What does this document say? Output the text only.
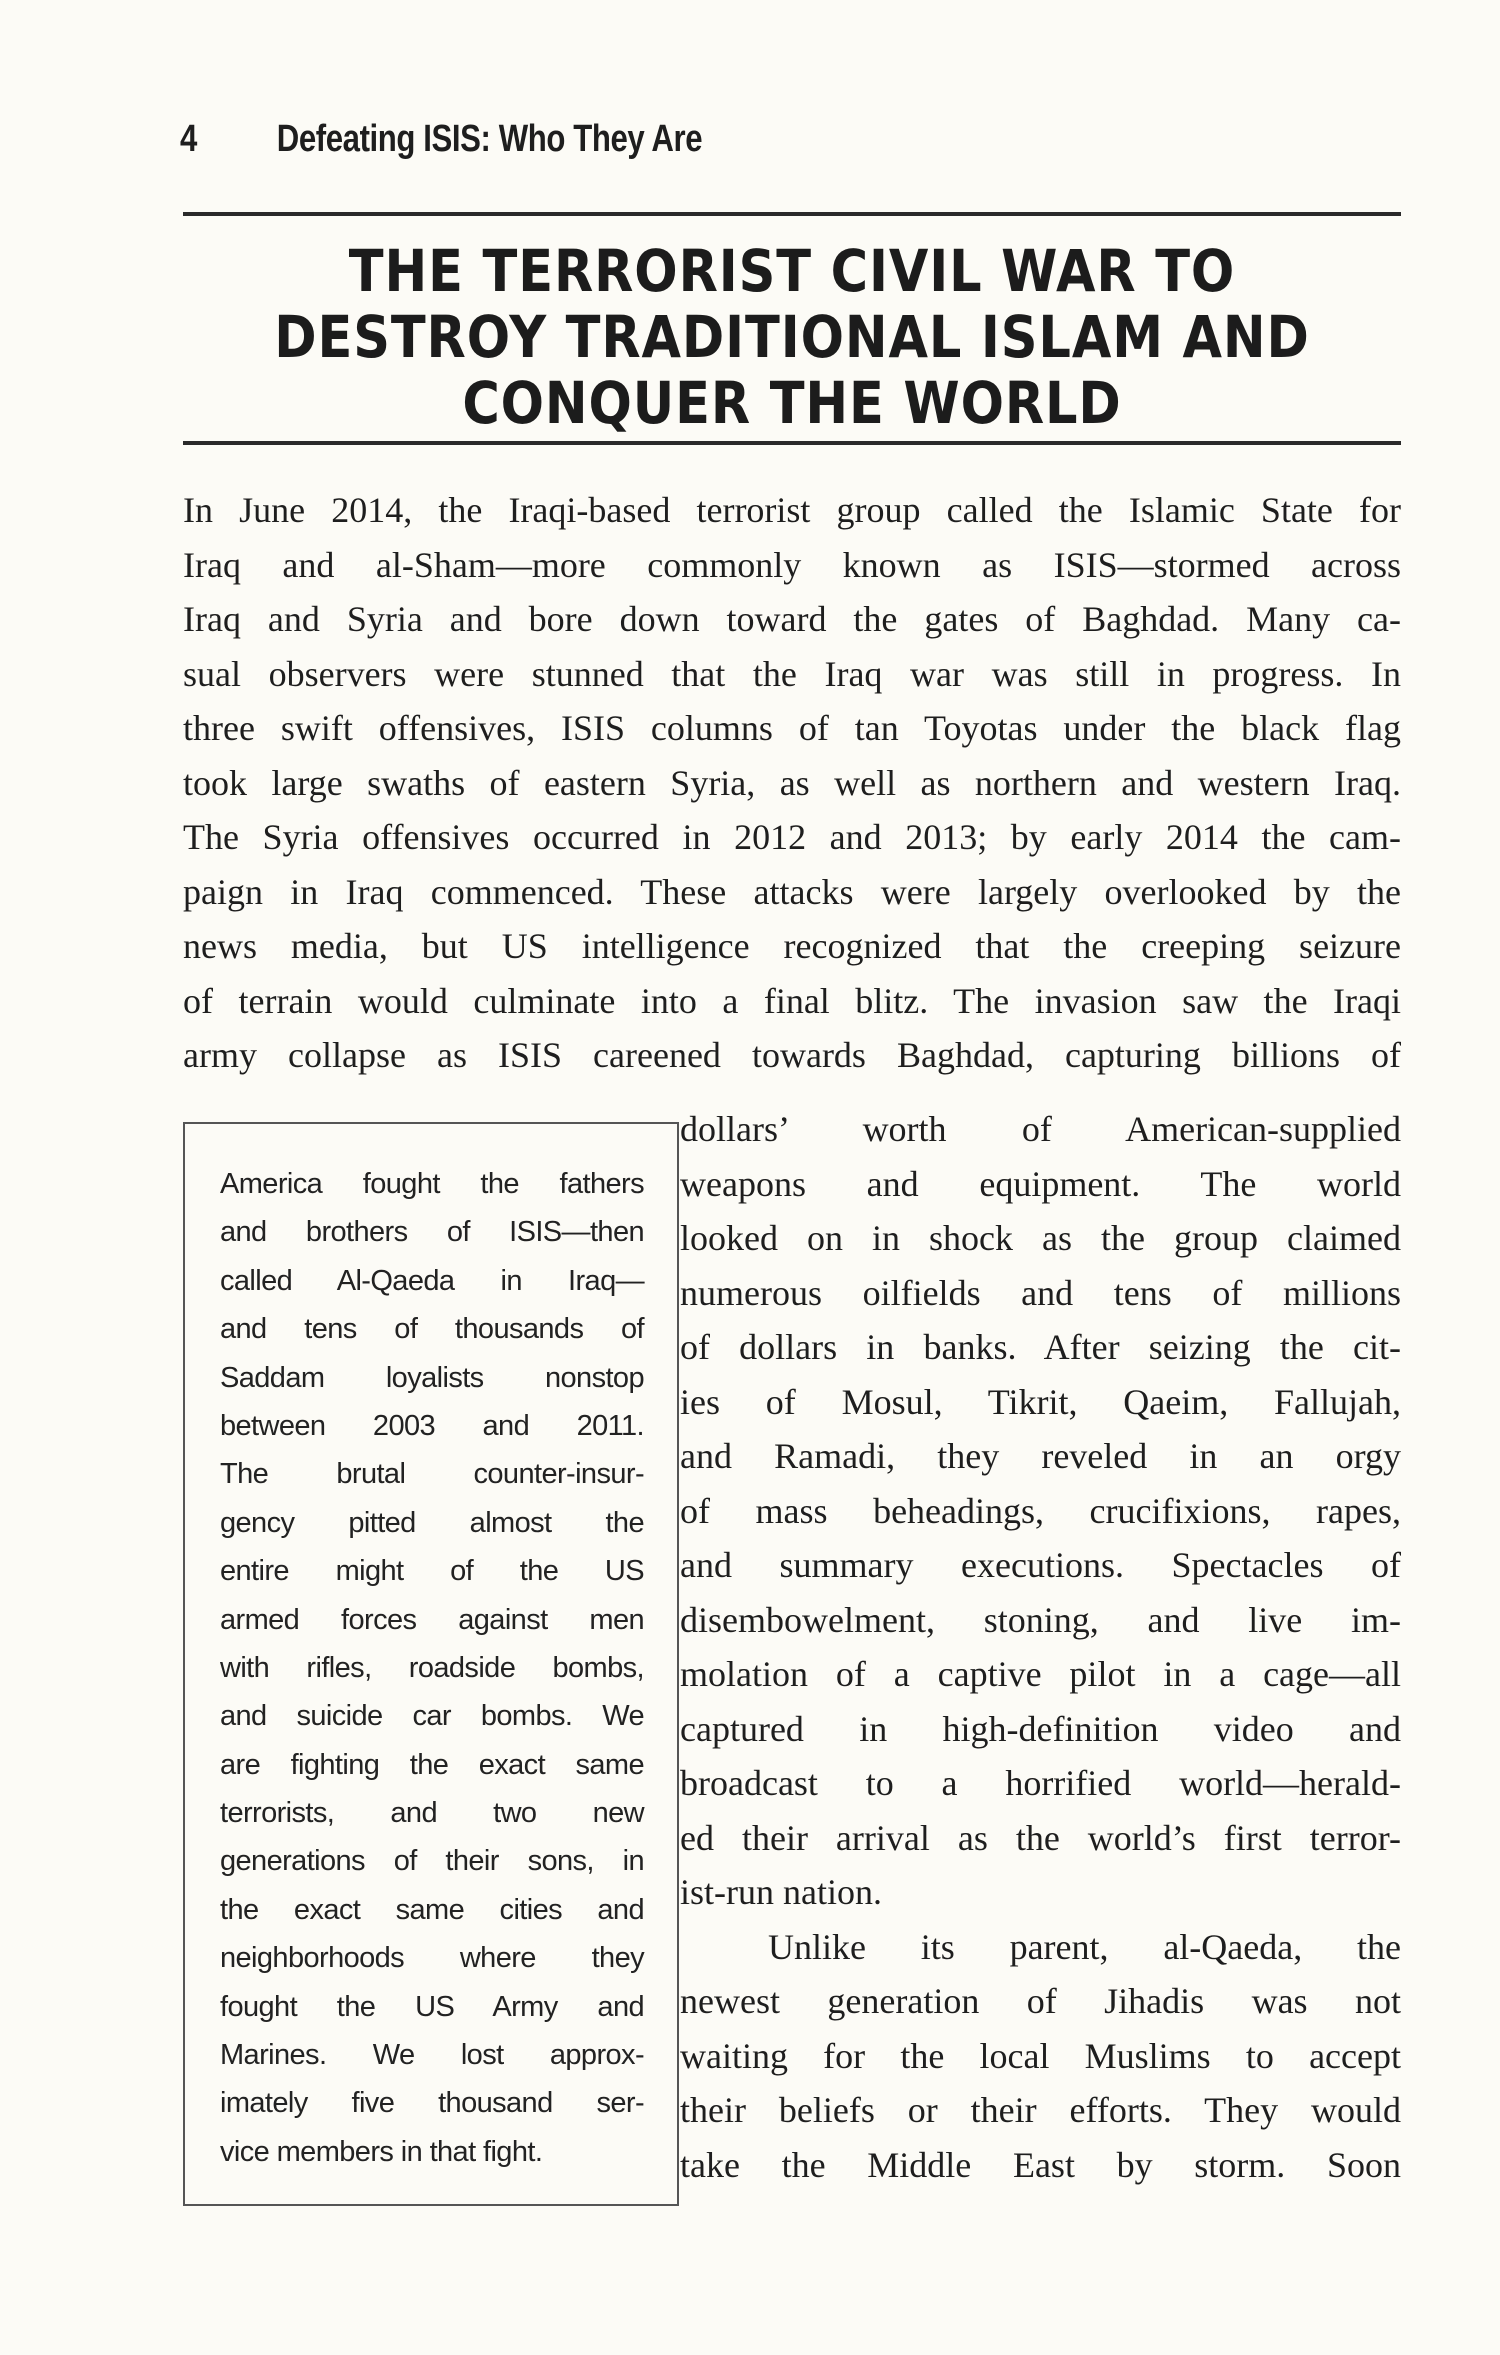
4 Defeating ISIS: Who They Are
THE TERRORIST CIVIL WAR TO
DESTROY TRADITIONAL ISLAM AND
CONQUER THE WORLD
In June 2014, the Iraqi-based terrorist group called the Islamic State for
Iraq and al-Sham—more commonly known as ISIS—stormed across
Iraq and Syria and bore down toward the gates of Baghdad. Many ca-
sual observers were stunned that the Iraq war was still in progress. In
three swift offensives, ISIS columns of tan Toyotas under the black flag
took large swaths of eastern Syria, as well as northern and western Iraq.
The Syria offensives occurred in 2012 and 2013; by early 2014 the cam-
paign in Iraq commenced. These attacks were largely overlooked by the
news media, but US intelligence recognized that the creeping seizure
of terrain would culminate into a final blitz. The invasion saw the Iraqi
army collapse as ISIS careened towards Baghdad, capturing billions of
America fought the fathers
and brothers of ISIS—then
called Al-Qaeda in Iraq—
and tens of thousands of
Saddam loyalists nonstop
between 2003 and 2011.
The brutal counter-insur-
gency pitted almost the
entire might of the US
armed forces against men
with rifles, roadside bombs,
and suicide car bombs. We
are fighting the exact same
terrorists, and two new
generations of their sons, in
the exact same cities and
neighborhoods where they
fought the US Army and
Marines. We lost approx-
imately five thousand ser-
vice members in that fight.
dollars’ worth of American-supplied
weapons and equipment. The world
looked on in shock as the group claimed
numerous oilfields and tens of millions
of dollars in banks. After seizing the cit-
ies of Mosul, Tikrit, Qaeim, Fallujah,
and Ramadi, they reveled in an orgy
of mass beheadings, crucifixions, rapes,
and summary executions. Spectacles of
disembowelment, stoning, and live im-
molation of a captive pilot in a cage—all
captured in high-definition video and
broadcast to a horrified world—herald-
ed their arrival as the world’s first terror-
ist-run nation.
Unlike its parent, al-Qaeda, the
newest generation of Jihadis was not
waiting for the local Muslims to accept
their beliefs or their efforts. They would
take the Middle East by storm. Soon
